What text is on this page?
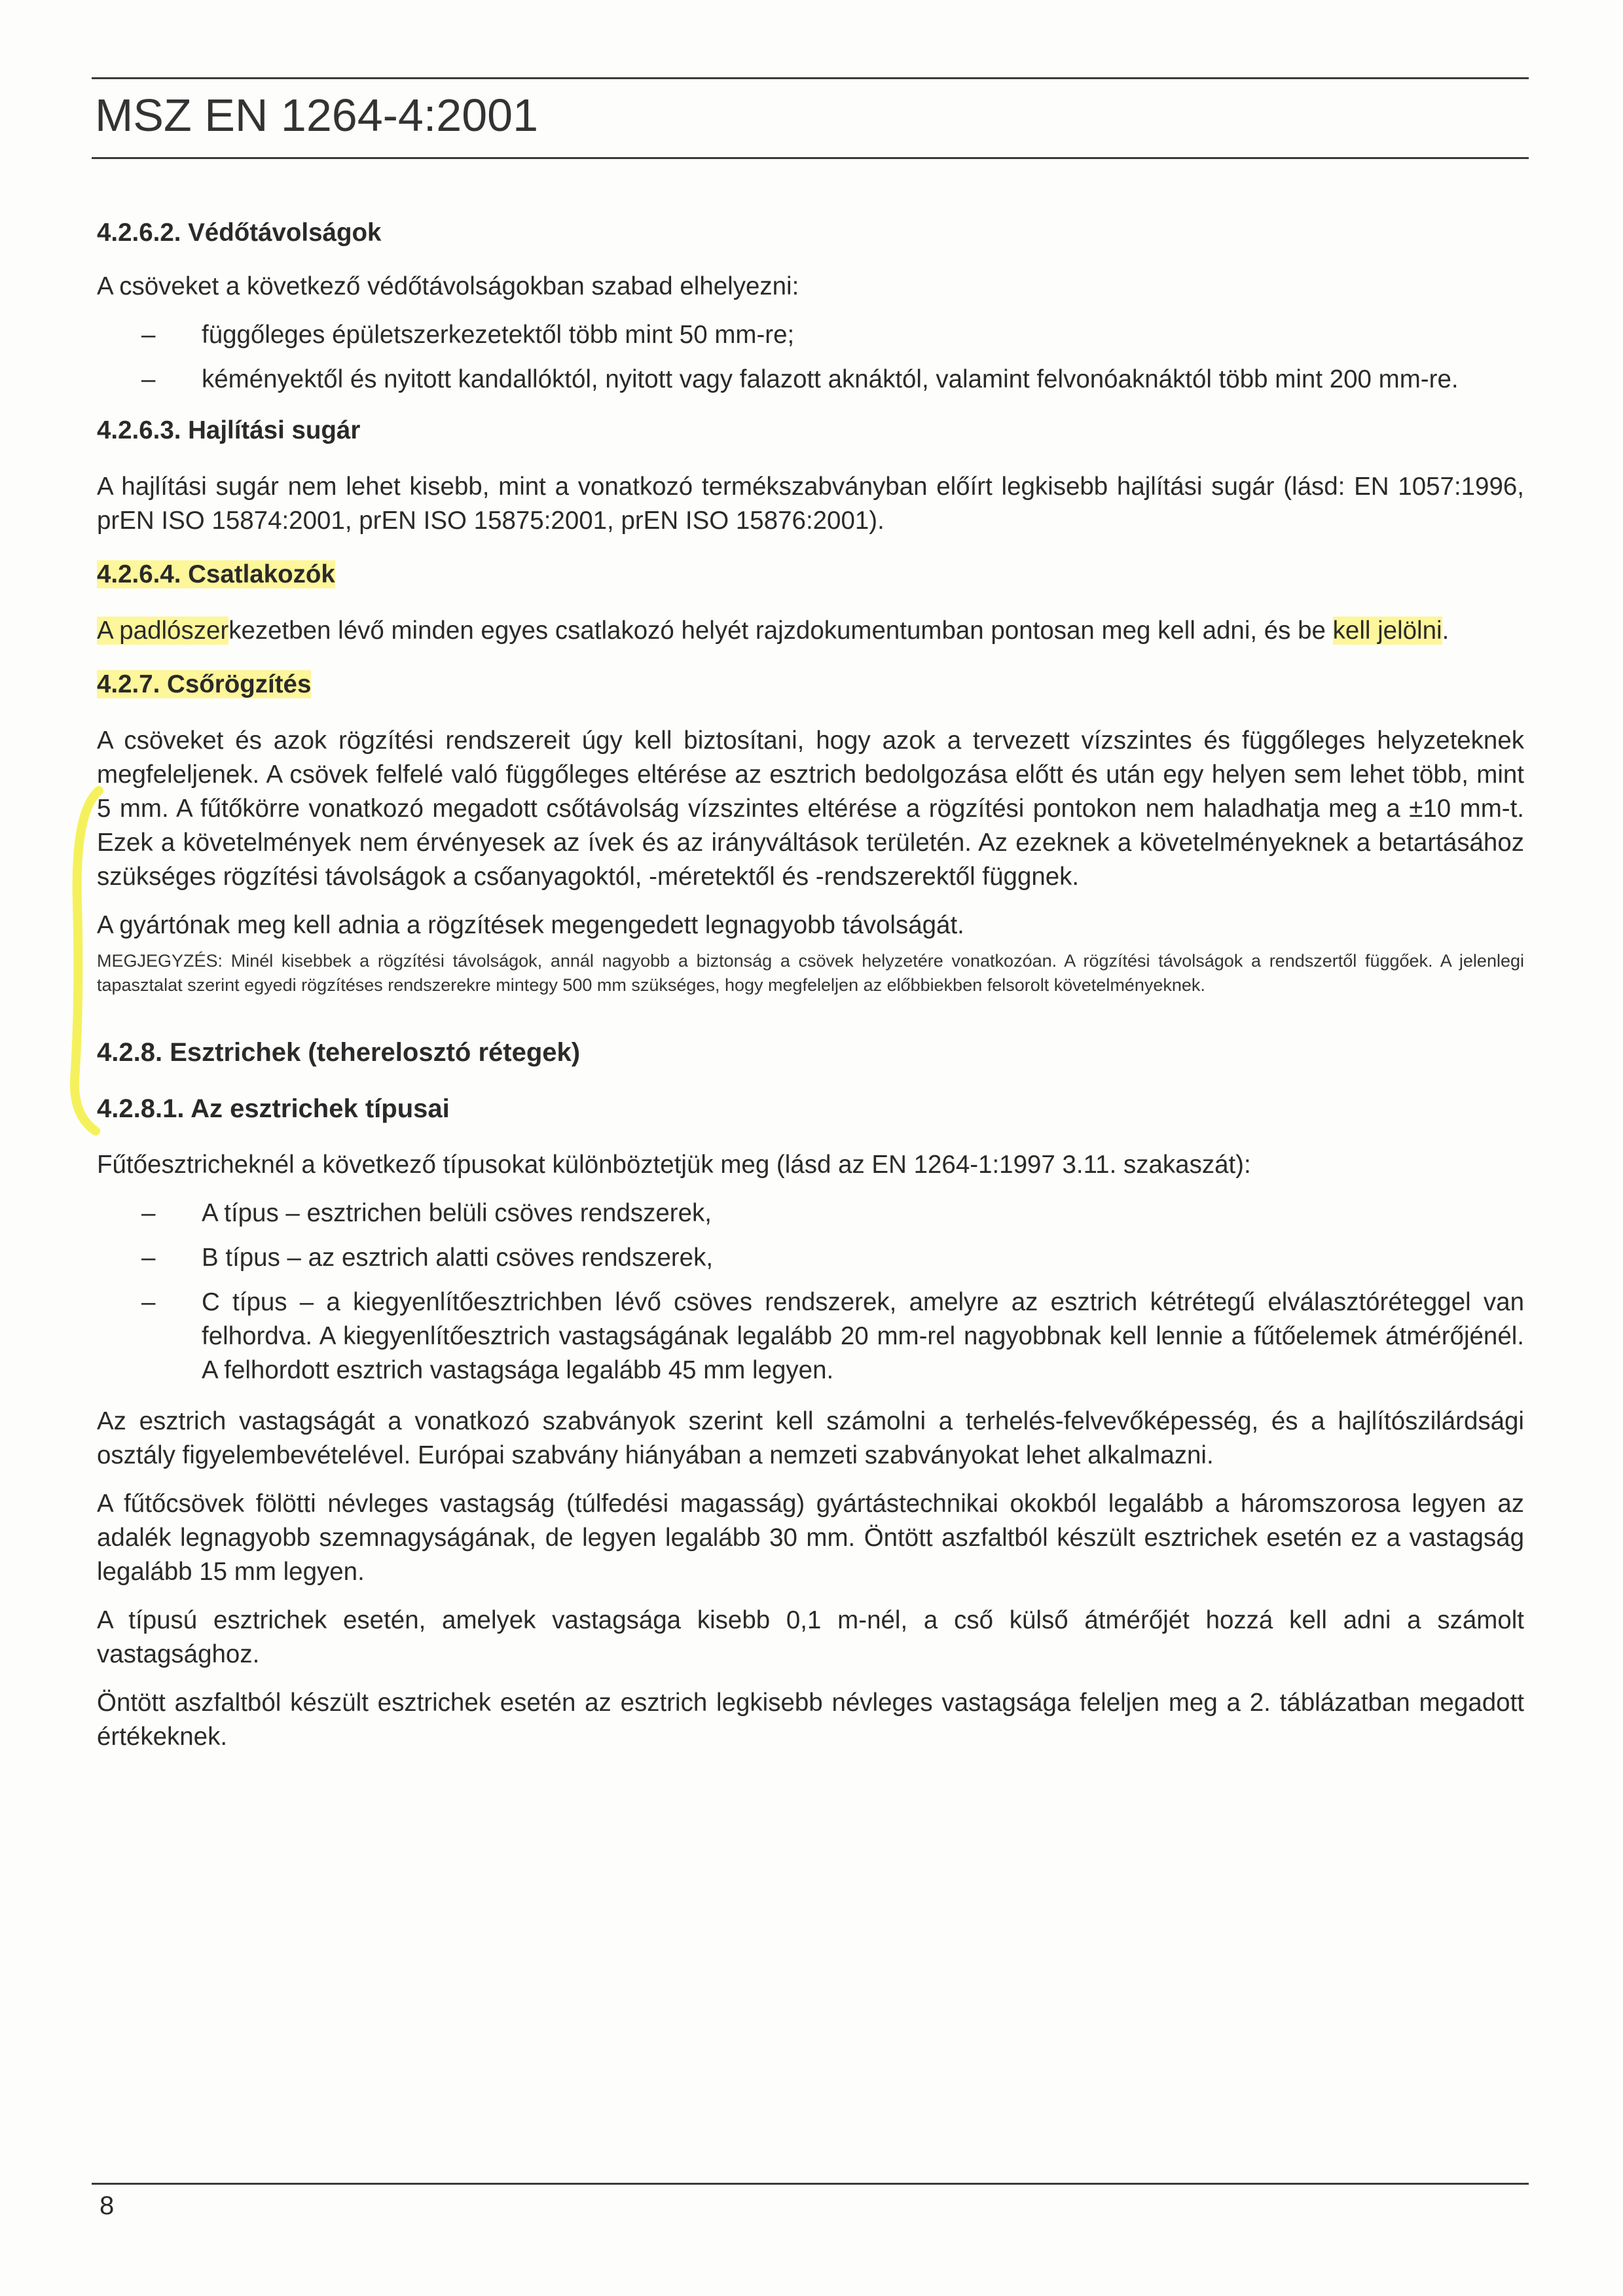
MSZ EN 1264-4:2001
4.2.6.2. Védőtávolságok

A csöveket a következő védőtávolságokban szabad elhelyezni:

– függőleges épületszerkezetektől több mint 50 mm-re;
– kéményektől és nyitott kandallóktól, nyitott vagy falazott aknáktól, valamint felvonóaknáktól több mint 200 mm-re.
4.2.6.3. Hajlítási sugár

A hajlítási sugár nem lehet kisebb, mint a vonatkozó termékszabványban előírt legkisebb hajlítási sugár (lásd: EN 1057:1996, prEN ISO 15874:2001, prEN ISO 15875:2001, prEN ISO 15876:2001).

4.2.6.4. Csatlakozók

A padlószerkezetben lévő minden egyes csatlakozó helyét rajzdokumentumban pontosan meg kell adni, és be kell jelölni.

4.2.7. Csőrögzítés

A csöveket és azok rögzítési rendszereit úgy kell biztosítani, hogy azok a tervezett vízszintes és függőleges helyzeteknek megfeleljenek. A csövek felfelé való függőleges eltérése az esztrich bedolgozása előtt és után egy helyen sem lehet több, mint 5 mm. A fűtőkörre vonatkozó megadott csőtávolság vízszintes eltérése a rögzítési pontokon nem haladhatja meg a ±10 mm-t. Ezek a követelmények nem érvényesek az ívek és az irányváltások területén. Az ezeknek a követelményeknek a betartásához szükséges rögzítési távolságok a csőanyagoktól, -méretektől és -rendszerektől függnek.

A gyártónak meg kell adnia a rögzítések megengedett legnagyobb távolságát.

MEGJEGYZÉS: Minél kisebbek a rögzítési távolságok, annál nagyobb a biztonság a csövek helyzetére vonatkozóan. A rögzítési távolságok a rendszertől függőek. A jelenlegi tapasztalat szerint egyedi rögzítéses rendszerekre mintegy 500 mm szükséges, hogy megfeleljen az előbbiekben felsorolt követelményeknek.

4.2.8. Esztrichek (teherelosztó rétegek)
4.2.8.1. Az esztrichek típusai

Fűtőesztricheknél a következő típusokat különböztetjük meg (lásd az EN 1264-1:1997 3.11. szakaszát):

– A típus – esztrichen belüli csöves rendszerek,
– B típus – az esztrich alatti csöves rendszerek,
– C típus – a kiegyenlítőesztrichben lévő csöves rendszerek, amelyre az esztrich kétrétegű elválasztóréteggel van felhordva. A kiegyenlítőesztrich vastagságának legalább 20 mm-rel nagyobbnak kell lennie a fűtőelemek átmérőjénél. A felhordott esztrich vastagsága legalább 45 mm legyen.

Az esztrich vastagságát a vonatkozó szabványok szerint kell számolni a terhelés-felvevőképesség, és a hajlítószilárdsági osztály figyelembevételével. Európai szabvány hiányában a nemzeti szabványokat lehet alkalmazni.

A fűtőcsövek fölötti névleges vastagság (túlfedési magasság) gyártástechnikai okokból legalább a háromszorosa legyen az adalék legnagyobb szemnagyságának, de legyen legalább 30 mm. Öntött aszfaltból készült esztrichek esetén ez a vastagság legalább 15 mm legyen.

A típusú esztrichek esetén, amelyek vastagsága kisebb 0,1 m-nél, a cső külső átmérőjét hozzá kell adni a számolt vastagsághoz.

Öntött aszfaltból készült esztrichek esetén az esztrich legkisebb névleges vastagsága feleljen meg a 2. táblázatban megadott értékeknek.

8
